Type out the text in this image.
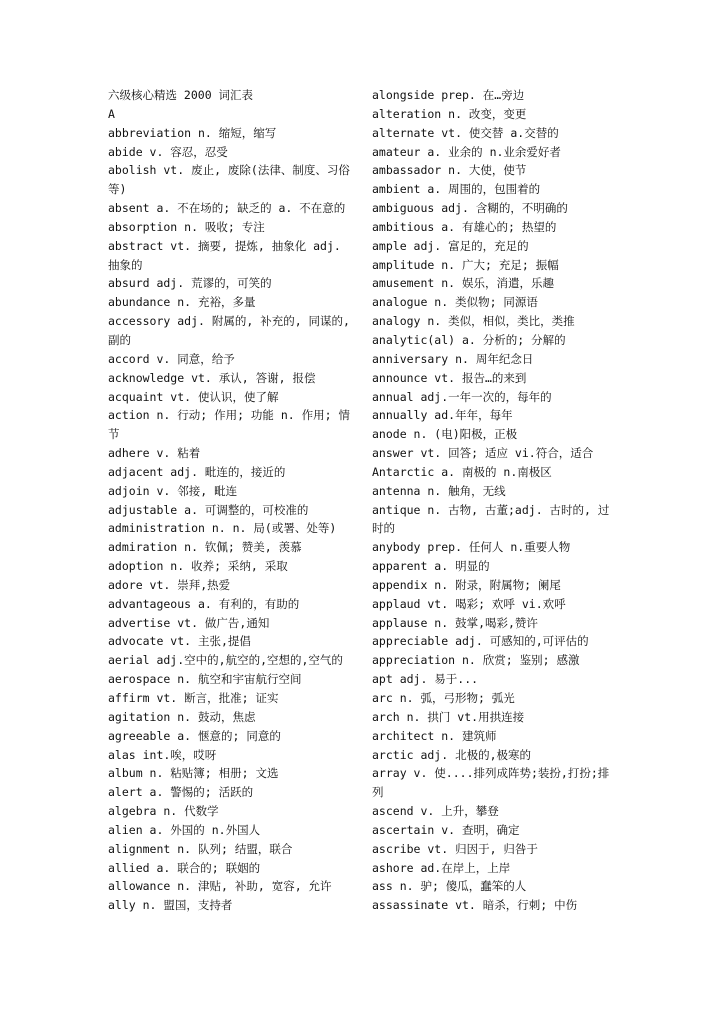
六级核心精选 2000 词汇表

A

abbreviation n. 缩短，缩写

abide v. 容忍，忍受

abolish vt. 废止, 废除(法律、制度、习俗等)

absent a. 不在场的; 缺乏的 a. 不在意的

absorption n. 吸收; 专注

abstract vt. 摘要, 提炼, 抽象化 adj. 抽象的

absurd adj. 荒谬的，可笑的

abundance n. 充裕，多量

accessory adj. 附属的, 补充的, 同谋的, 副的

accord v. 同意，给予

acknowledge vt. 承认, 答谢, 报偿

acquaint vt. 使认识，使了解

action n. 行动; 作用; 功能 n. 作用; 情节

adhere v. 粘着

adjacent adj. 毗连的，接近的

adjoin v. 邻接, 毗连

adjustable a. 可调整的，可校准的

administration n. n. 局(或署、处等)

admiration n. 钦佩; 赞美, 羡慕

adoption n. 收养; 采纳, 采取

adore vt. 崇拜,热爱

advantageous a. 有利的，有助的

advertise vt. 做广告,通知

advocate vt. 主张,提倡

aerial adj.空中的,航空的,空想的,空气的

aerospace n. 航空和宇宙航行空间

affirm vt. 断言，批准; 证实

agitation n. 鼓动，焦虑

agreeable a. 惬意的; 同意的

alas int.唉，哎呀

album n. 粘贴簿; 相册; 文选

alert a. 警惕的; 活跃的

algebra n. 代数学

alien a. 外国的 n.外国人

alignment n. 队列; 结盟，联合

allied a. 联合的; 联姻的

allowance n. 津贴, 补助, 宽容, 允许

ally n. 盟国，支持者

alongside prep. 在…旁边

alteration n. 改变，变更

alternate vt. 使交替 a.交替的

amateur a. 业余的 n.业余爱好者

ambassador n. 大使，使节

ambient a. 周围的，包围着的

ambiguous adj. 含糊的，不明确的

ambitious a. 有雄心的; 热望的

ample adj. 富足的，充足的

amplitude n. 广大; 充足; 振幅

amusement n. 娱乐，消遣，乐趣

analogue n. 类似物; 同源语

analogy n. 类似，相似，类比，类推

analytic(al) a. 分析的; 分解的

anniversary n. 周年纪念日

announce vt. 报告…的来到

annual adj.一年一次的，每年的

annually ad.年年，每年

anode n. (电)阳极，正极

answer vt. 回答; 适应 vi.符合，适合

Antarctic a. 南极的 n.南极区

antenna n. 触角，无线

antique n. 古物, 古董;adj. 古时的, 过时的

anybody prep. 任何人 n.重要人物

apparent a. 明显的

appendix n. 附录，附属物; 阑尾

applaud vt. 喝彩; 欢呼 vi.欢呼

applause n. 鼓掌,喝彩,赞许

appreciable adj. 可感知的,可评估的

appreciation n. 欣赏; 鉴别; 感激

apt adj. 易于...

arc n. 弧，弓形物; 弧光

arch n. 拱门 vt.用拱连接

architect n. 建筑师

arctic adj. 北极的,极寒的

array v. 使....排列成阵势;装扮,打扮;排列

ascend v. 上升，攀登

ascertain v. 查明，确定

ascribe vt. 归因于, 归咎于

ashore ad.在岸上，上岸

ass n. 驴; 傻瓜，蠢笨的人

assassinate vt. 暗杀，行刺; 中伤
